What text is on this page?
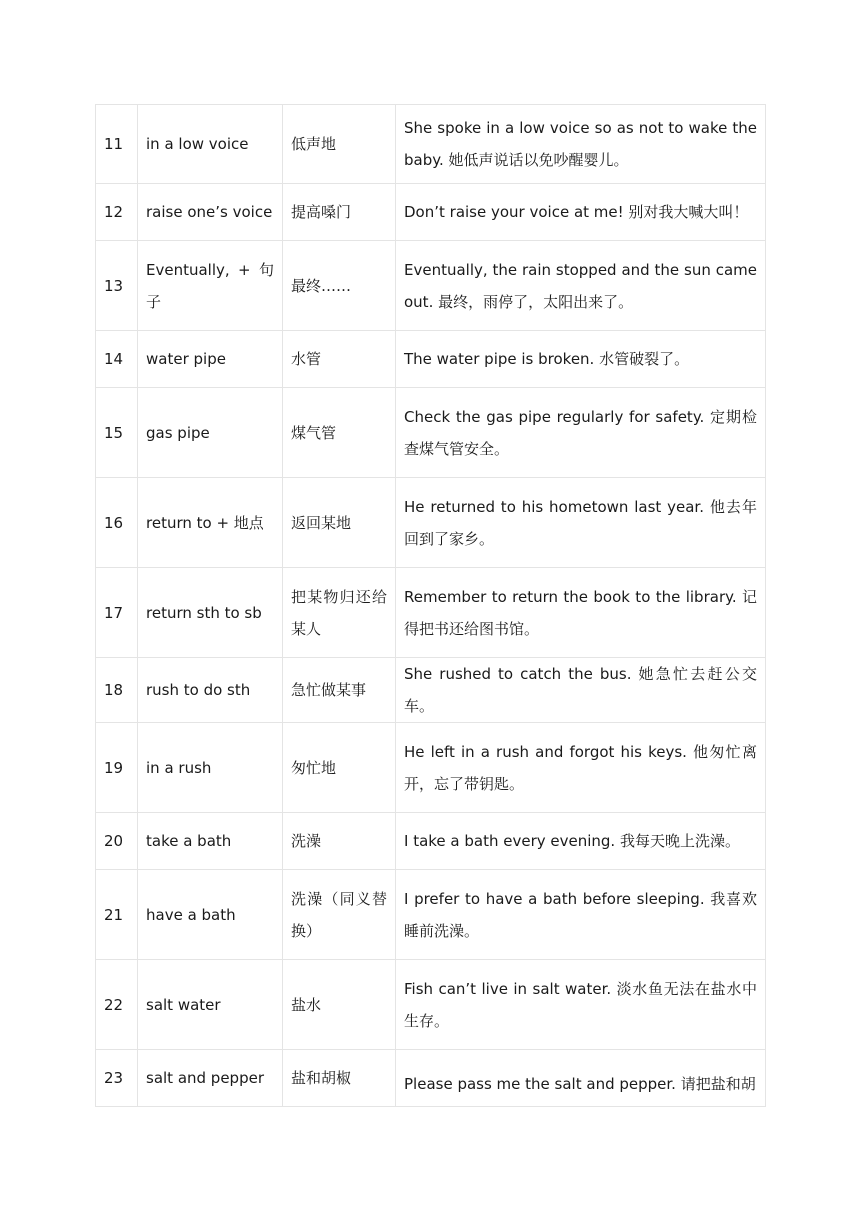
11	in a low voice	低声地	She spoke in a low voice so as not to wake the baby. 她低声说话以免吵醒婴儿。
12	raise one’s voice	提高嗓门	Don’t raise your voice at me! 别对我大喊大叫！
13	Eventually, + 句子	最终……	Eventually, the rain stopped and the sun came out. 最终，雨停了，太阳出来了。
14	water pipe	水管	The water pipe is broken. 水管破裂了。
15	gas pipe	煤气管	Check the gas pipe regularly for safety. 定期检查煤气管安全。
16	return to + 地点	返回某地	He returned to his hometown last year. 他去年回到了家乡。
17	return sth to sb	把某物归还给某人	Remember to return the book to the library. 记得把书还给图书馆。
18	rush to do sth	急忙做某事	She rushed to catch the bus. 她急忙去赶公交车。
19	in a rush	匆忙地	He left in a rush and forgot his keys. 他匆忙离开，忘了带钥匙。
20	take a bath	洗澡	I take a bath every evening. 我每天晚上洗澡。
21	have a bath	洗澡（同义替换）	I prefer to have a bath before sleeping. 我喜欢睡前洗澡。
22	salt water	盐水	Fish can’t live in salt water. 淡水鱼无法在盐水中生存。
23	salt and pepper	盐和胡椒	Please pass me the salt and pepper. 请把盐和胡
